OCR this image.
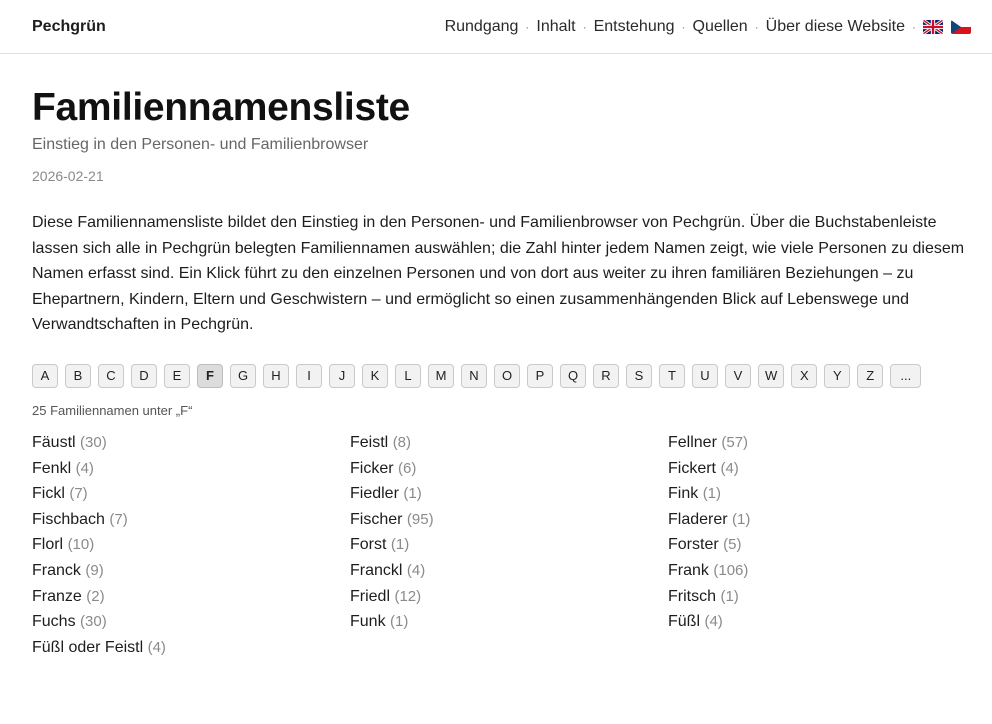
Pechgrün	Rundgang · Inhalt · Entstehung · Quellen · Über diese Website ·
Familiennamensliste
Einstieg in den Personen- und Familienbrowser
2026-02-21

Diese Familiennamensliste bildet den Einstieg in den Personen- und Familienbrowser von Pechgrün. Über die Buchstabenleiste lassen sich alle in Pechgrün belegten Familiennamen auswählen; die Zahl hinter jedem Namen zeigt, wie viele Personen zu diesem Namen erfasst sind. Ein Klick führt zu den einzelnen Personen und von dort aus weiter zu ihren familiären Beziehungen – zu Ehepartnern, Kindern, Eltern und Geschwistern – und ermöglicht so einen zusammenhängenden Blick auf Lebenswege und Verwandtschaften in Pechgrün.

A	B	C	D	E	F	G	H	I	J	K	L	M	N	O	P	Q	R	S	T	U	V	W	X	Y	Z	...
25 Familiennamen unter „F“
Fäustl (30)	Feistl (8)	Fellner (57)
Fenkl (4)	Ficker (6)	Fickert (4)
Fickl (7)	Fiedler (1)	Fink (1)
Fischbach (7)	Fischer (95)	Fladerer (1)
Florl (10)	Forst (1)	Forster (5)
Franck (9)	Franckl (4)	Frank (106)
Franze (2)	Friedl (12)	Fritsch (1)
Fuchs (30)	Funk (1)	Füßl (4)
Füßl oder Feistl (4)
